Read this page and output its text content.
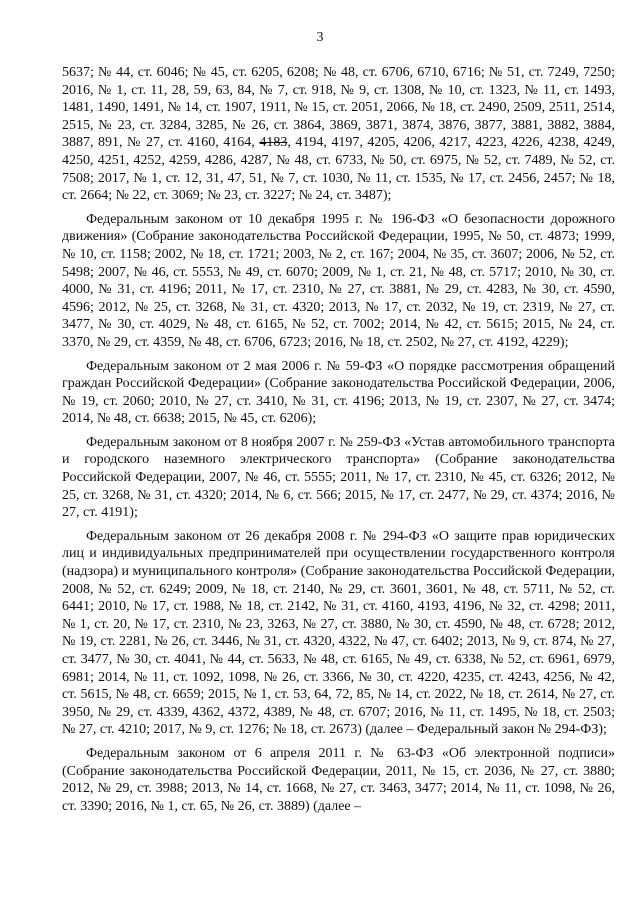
3

5637; № 44, ст. 6046; № 45, ст. 6205, 6208; № 48, ст. 6706, 6710, 6716; № 51, ст. 7249, 7250; 2016, № 1, ст. 11, 28, 59, 63, 84, № 7, ст. 918, № 9, ст. 1308, № 10, ст. 1323, № 11, ст. 1493, 1481, 1490, 1491, № 14, ст. 1907, 1911, № 15, ст. 2051, 2066, № 18, ст. 2490, 2509, 2511, 2514, 2515, № 23, ст. 3284, 3285, № 26, ст. 3864, 3869, 3871, 3874, 3876, 3877, 3881, 3882, 3884, 3887, 891, № 27, ст. 4160, 4164, 4183, 4194, 4197, 4205, 4206, 4217, 4223, 4226, 4238, 4249, 4250, 4251, 4252, 4259, 4286, 4287, № 48, ст. 6733, № 50, ст. 6975, № 52, ст. 7489, № 52, ст. 7508; 2017, № 1, ст. 12, 31, 47, 51, № 7, ст. 1030, № 11, ст. 1535, № 17, ст. 2456, 2457; № 18, ст. 2664; № 22, ст. 3069; № 23, ст. 3227; № 24, ст. 3487);

Федеральным законом от 10 декабря 1995 г. № 196-ФЗ «О безопасности дорожного движения» (Собрание законодательства Российской Федерации, 1995, № 50, ст. 4873; 1999, № 10, ст. 1158; 2002, № 18, ст. 1721; 2003, № 2, ст. 167; 2004, № 35, ст. 3607; 2006, № 52, ст. 5498; 2007, № 46, ст. 5553, № 49, ст. 6070; 2009, № 1, ст. 21, № 48, ст. 5717; 2010, № 30, ст. 4000, № 31, ст. 4196; 2011, № 17, ст. 2310, № 27, ст. 3881, № 29, ст. 4283, № 30, ст. 4590, 4596; 2012, № 25, ст. 3268, № 31, ст. 4320; 2013, № 17, ст. 2032, № 19, ст. 2319, № 27, ст. 3477, № 30, ст. 4029, № 48, ст. 6165, № 52, ст. 7002; 2014, № 42, ст. 5615; 2015, № 24, ст. 3370, № 29, ст. 4359, № 48, ст. 6706, 6723; 2016, № 18, ст. 2502, № 27, ст. 4192, 4229);

Федеральным законом от 2 мая 2006 г. № 59-ФЗ «О порядке рассмотрения обращений граждан Российской Федерации» (Собрание законодательства Российской Федерации, 2006, № 19, ст. 2060; 2010, № 27, ст. 3410, № 31, ст. 4196; 2013, № 19, ст. 2307, № 27, ст. 3474; 2014, № 48, ст. 6638; 2015, № 45, ст. 6206);

Федеральным законом от 8 ноября 2007 г. № 259-ФЗ «Устав автомобильного транспорта и городского наземного электрического транспорта» (Собрание законодательства Российской Федерации, 2007, № 46, ст. 5555; 2011, № 17, ст. 2310, № 45, ст. 6326; 2012, № 25, ст. 3268, № 31, ст. 4320; 2014, № 6, ст. 566; 2015, № 17, ст. 2477, № 29, ст. 4374; 2016, № 27, ст. 4191);

Федеральным законом от 26 декабря 2008 г. № 294-ФЗ «О защите прав юридических лиц и индивидуальных предпринимателей при осуществлении государственного контроля (надзора) и муниципального контроля» (Собрание законодательства Российской Федерации, 2008, № 52, ст. 6249; 2009, № 18, ст. 2140, № 29, ст. 3601, 3601, № 48, ст. 5711, № 52, ст. 6441; 2010, № 17, ст. 1988, № 18, ст. 2142, № 31, ст. 4160, 4193, 4196, № 32, ст. 4298; 2011, № 1, ст. 20, № 17, ст. 2310, № 23, 3263, № 27, ст. 3880, № 30, ст. 4590, № 48, ст. 6728; 2012, № 19, ст. 2281, № 26, ст. 3446, № 31, ст. 4320, 4322, № 47, ст. 6402; 2013, № 9, ст. 874, № 27, ст. 3477, № 30, ст. 4041, № 44, ст. 5633, № 48, ст. 6165, № 49, ст. 6338, № 52, ст. 6961, 6979, 6981; 2014, № 11, ст. 1092, 1098, № 26, ст. 3366, № 30, ст. 4220, 4235, ст. 4243, 4256, № 42, ст. 5615, № 48, ст. 6659; 2015, № 1, ст. 53, 64, 72, 85, № 14, ст. 2022, № 18, ст. 2614, № 27, ст. 3950, № 29, ст. 4339, 4362, 4372, 4389, № 48, ст. 6707; 2016, № 11, ст. 1495, № 18, ст. 2503; № 27, ст. 4210; 2017, № 9, ст. 1276; № 18, ст. 2673) (далее – Федеральный закон № 294-ФЗ);

Федеральным законом от 6 апреля 2011 г. № 63-ФЗ «Об электронной подписи» (Собрание законодательства Российской Федерации, 2011, № 15, ст. 2036, № 27, ст. 3880; 2012, № 29, ст. 3988; 2013, № 14, ст. 1668, № 27, ст. 3463, 3477; 2014, № 11, ст. 1098, № 26, ст. 3390; 2016, № 1, ст. 65, № 26, ст. 3889) (далее –
